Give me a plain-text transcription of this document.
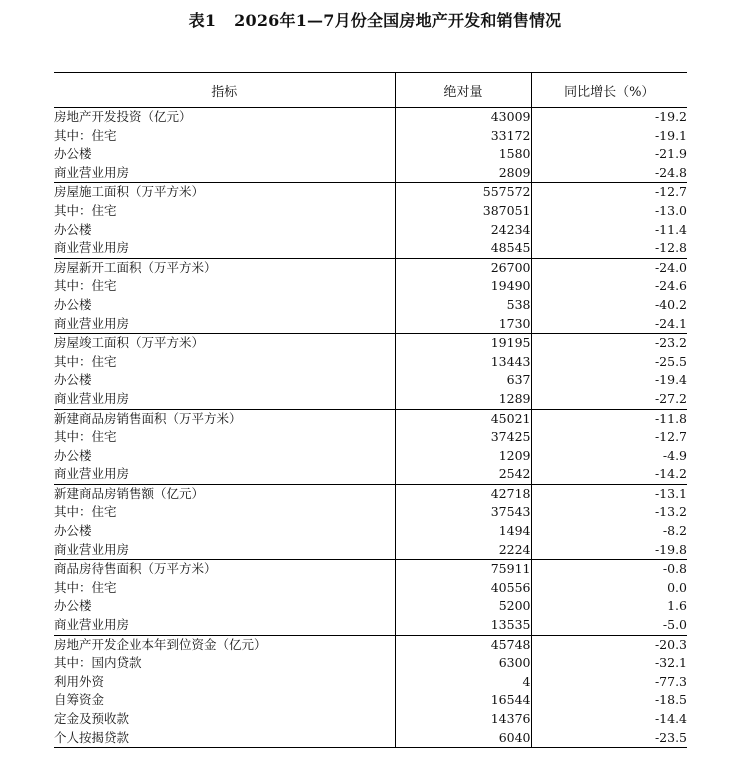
表1 2026年1—7月份全国房地产开发和销售情况
指标	绝对量	同比增长（%）
房地产开发投资（亿元）	43009	-19.2
其中：住宅	33172	-19.1
办公楼	1580	-21.9
商业营业用房	2809	-24.8
房屋施工面积（万平方米）	557572	-12.7
其中：住宅	387051	-13.0
办公楼	24234	-11.4
商业营业用房	48545	-12.8
房屋新开工面积（万平方米）	26700	-24.0
其中：住宅	19490	-24.6
办公楼	538	-40.2
商业营业用房	1730	-24.1
房屋竣工面积（万平方米）	19195	-23.2
其中：住宅	13443	-25.5
办公楼	637	-19.4
商业营业用房	1289	-27.2
新建商品房销售面积（万平方米）	45021	-11.8
其中：住宅	37425	-12.7
办公楼	1209	-4.9
商业营业用房	2542	-14.2
新建商品房销售额（亿元）	42718	-13.1
其中：住宅	37543	-13.2
办公楼	1494	-8.2
商业营业用房	2224	-19.8
商品房待售面积（万平方米）	75911	-0.8
其中：住宅	40556	0.0
办公楼	5200	1.6
商业营业用房	13535	-5.0
房地产开发企业本年到位资金（亿元）	45748	-20.3
其中：国内贷款	6300	-32.1
利用外资	4	-77.3
自筹资金	16544	-18.5
定金及预收款	14376	-14.4
个人按揭贷款	6040	-23.5
